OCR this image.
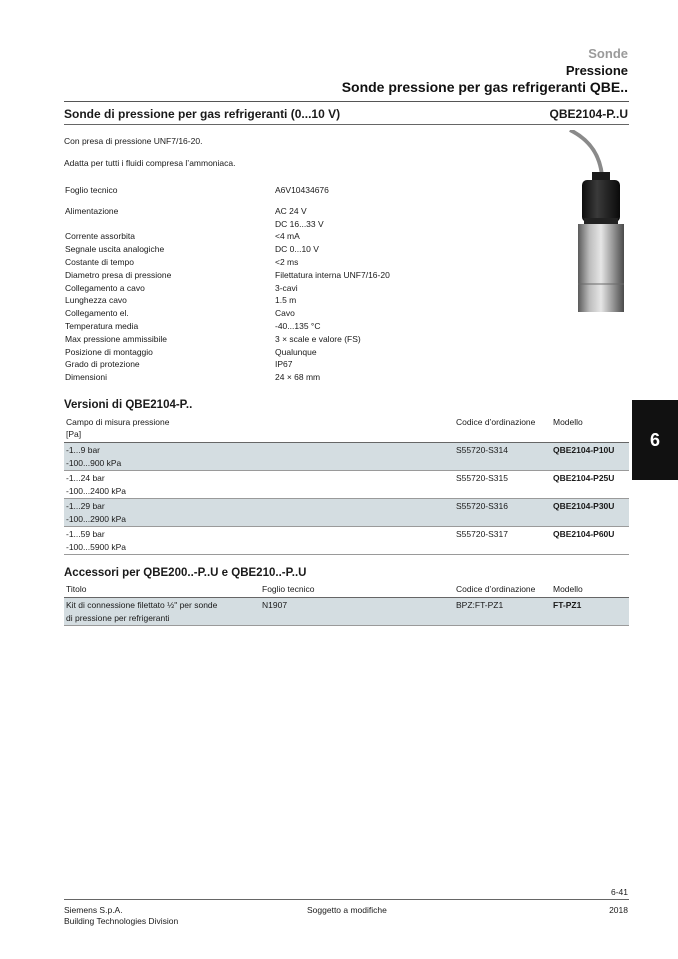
Sonde
Pressione
Sonde pressione per gas refrigeranti QBE..
Sonde di pressione per gas refrigeranti (0...10 V)	QBE2104-P..U
Con presa di pressione UNF7/16-20.
Adatta per tutti i fluidi compresa l’ammoniaca.
Foglio tecnico	A6V10434676
Alimentazione	AC 24 V
DC 16...33 V
Corrente assorbita	<4 mA
Segnale uscita analogiche	DC 0...10 V
Costante di tempo	<2 ms
Diametro presa di pressione	Filettatura interna UNF7/16-20
Collegamento a cavo	3-cavi
Lunghezza cavo	1.5 m
Collegamento el.	Cavo
Temperatura media	-40...135 °C
Max pressione ammissibile	3 × scale e valore (FS)
Posizione di montaggio	Qualunque
Grado di protezione	IP67
Dimensioni	24 × 68 mm
Versioni di QBE2104-P..
Campo di misura pressione
[Pa]	Codice d’ordinazione	Modello

-1...9 bar
-100...900 kPa	S55720-S314	QBE2104-P10U

-1...24 bar
-100...2400 kPa	S55720-S315	QBE2104-P25U

-1...29 bar
-100...2900 kPa	S55720-S316	QBE2104-P30U

-1...59 bar
-100...5900 kPa	S55720-S317	QBE2104-P60U
Accessori per QBE200..-P..U e QBE210..-P..U
Titolo	Foglio tecnico	Codice d’ordinazione	Modello

Kit di connessione filettato ½" per sonde
di pressione per refrigeranti	N1907	BPZ:FT-PZ1	FT-PZ1
6
6-41
Siemens S.p.A.
Building Technologies Division
Soggetto a modifiche	2018
